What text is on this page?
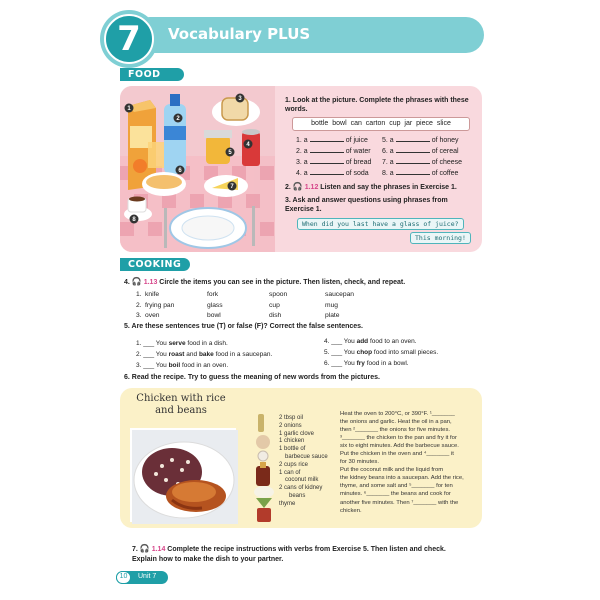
Vocabulary PLUS
7
FOOD
1
2
3
4
5
6
7
8
1. Look at the picture. Complete the phrases with these words.
bottle bowl can carton cup jar piece slice
1. a	of juice
2. a	of water
3. a	of bread
4. a	of soda
5. a	of honey
6. a	of cereal
7. a	of cheese
8. a	of coffee
2. 🎧 1.12 Listen and say the phrases in Exercise 1.
3. Ask and answer questions using phrases from Exercise 1.
When did you last have a glass of juice?
This morning!
COOKING
4. 🎧 1.13 Circle the items you can see in the picture. Then listen, check, and repeat.
1. knife	fork	spoon	saucepan
2. frying pan	glass	cup	mug
3. oven	bowl	dish	plate
5. Are these sentences true (T) or false (F)? Correct the false sentences.
1. ___ You serve food in a dish.
2. ___ You roast and bake food in a saucepan.
3. ___ You boil food in an oven.
4. ___ You add food to an oven.
5. ___ You chop food into small pieces.
6. ___ You fry food in a bowl.
6. Read the recipe. Try to guess the meaning of new words from the pictures.
Chicken with rice and beans
2 tbsp oil
2 onions
1 garlic clove
1 chicken
1 bottle of
barbecue sauce
2 cups rice
1 can of
coconut milk
2 cans of kidney
beans
thyme
Heat the oven to 200°C, or 390°F. ¹_______
the onions and garlic. Heat the oil in a pan,
then ²_______ the onions for five minutes.
³_______ the chicken to the pan and fry it for
six to eight minutes. Add the barbecue sauce.
Put the chicken in the oven and ⁴_______ it
for 30 minutes.
Put the coconut milk and the liquid from
the kidney beans into a saucepan. Add the rice,
thyme, and some salt and ⁵_______ for ten
minutes. ⁶_______ the beans and cook for
another five minutes. Then ⁷_______ with the
chicken.
7. 🎧 1.14 Complete the recipe instructions with verbs from Exercise 5. Then listen and check. Explain how to make the dish to your partner.
Unit 7
10
